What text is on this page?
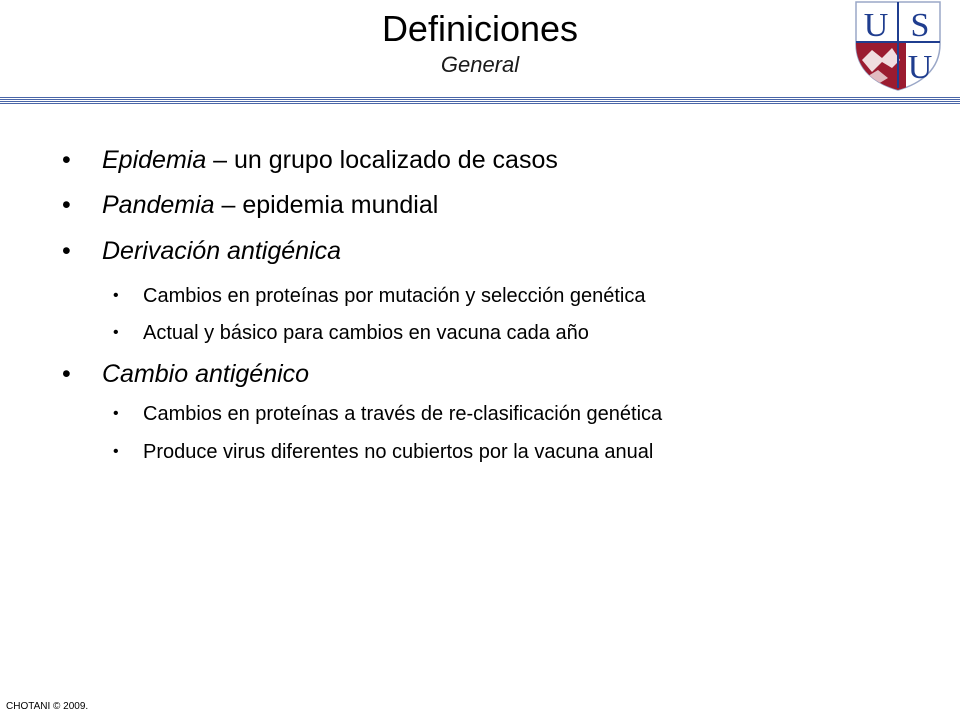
Definiciones
General
U S
U
• Epidemia – un grupo localizado de casos
• Pandemia – epidemia mundial
• Derivación antigénica
• Cambios en proteínas por mutación y selección genética
• Actual y básico para cambios en vacuna cada año
• Cambio antigénico
• Cambios en proteínas a través de re-clasificación genética
• Produce virus diferentes no cubiertos por la vacuna anual
CHOTANI © 2009.
